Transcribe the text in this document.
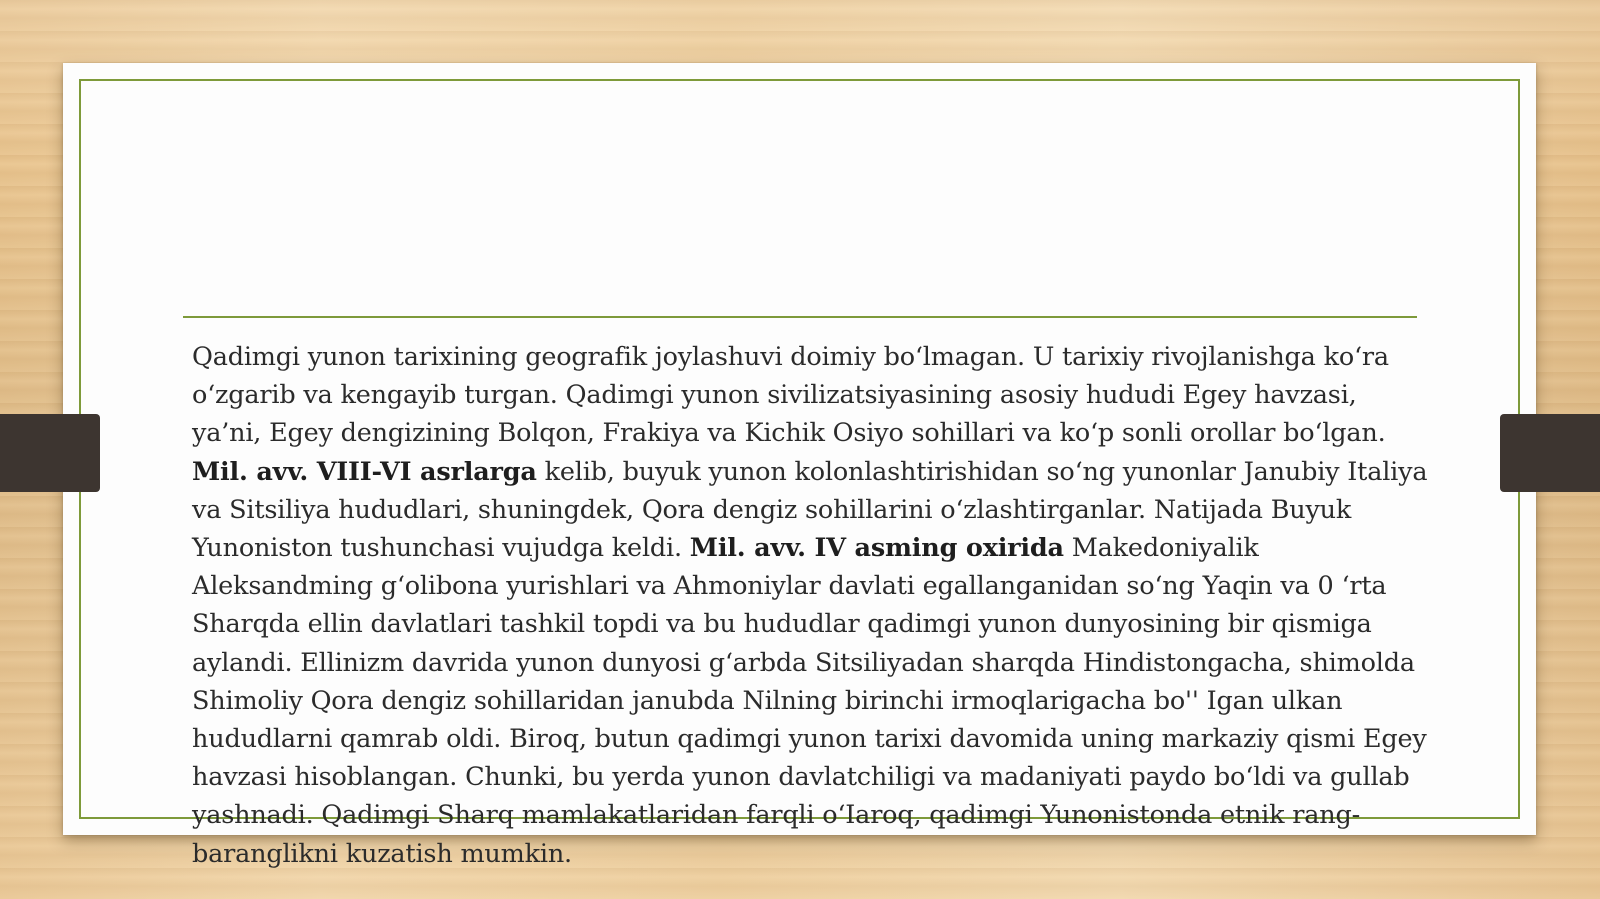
Qadimgi yunon tarixining geografik joylashuvi doimiy bo‘lmagan. U tarixiy rivojlanishga ko‘ra o‘zgarib va kengayib turgan. Qadimgi yunon sivilizatsiyasining asosiy hududi Egey havzasi, ya’ni, Egey dengizining Bolqon, Frakiya va Kichik Osiyo sohillari va ko‘p sonli orollar bo‘lgan. Mil. avv. VIII-VI asrlarga kelib, buyuk yunon kolonlashtirishidan so‘ng yunonlar Janubiy Italiya va Sitsiliya hududlari, shuningdek, Qora dengiz sohillarini o‘zlashtirganlar. Natijada Buyuk Yunoniston tushunchasi vujudga keldi. Mil. avv. IV asming oxirida Makedoniyalik Aleksandming g‘olibona yurishlari va Ahmoniylar davlati egallanganidan so‘ng Yaqin va 0 ‘rta Sharqda ellin davlatlari tashkil topdi va bu hududlar qadimgi yunon dunyosining bir qismiga aylandi. Ellinizm davrida yunon dunyosi g‘arbda Sitsiliyadan sharqda Hindistongacha, shimolda Shimoliy Qora dengiz sohillaridan janubda Nilning birinchi irmoqlarigacha bo'' Igan ulkan hududlarni qamrab oldi. Biroq, butun qadimgi yunon tarixi davomida uning markaziy qismi Egey havzasi hisoblangan. Chunki, bu yerda yunon davlatchiligi va madaniyati paydo bo‘ldi va gullab yashnadi. Qadimgi Sharq mamlakatlaridan farqli o‘Iaroq, qadimgi Yunonistonda etnik rang-baranglikni kuzatish mumkin.
